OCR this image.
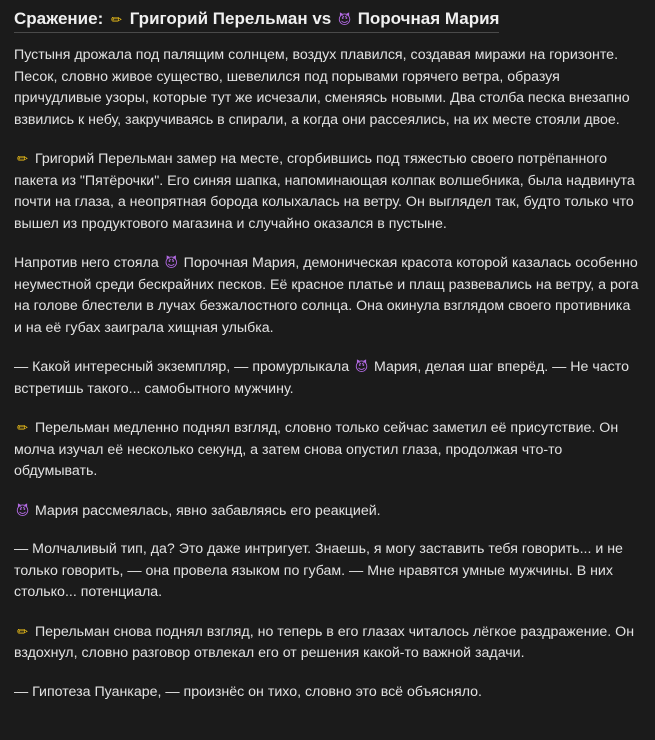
Сражение: ✏ Григорий Перельман vs 😈 Порочная Мария

Пустыня дрожала под палящим солнцем, воздух плавился, создавая миражи на горизонте. Песок, словно живое существо, шевелился под порывами горячего ветра, образуя причудливые узоры, которые тут же исчезали, сменяясь новыми. Два столба песка внезапно взвились к небу, закручиваясь в спирали, а когда они рассеялись, на их месте стояли двое.

✏ Григорий Перельман замер на месте, сгорбившись под тяжестью своего потрёпанного пакета из "Пятёрочки". Его синяя шапка, напоминающая колпак волшебника, была надвинута почти на глаза, а неопрятная борода колыхалась на ветру. Он выглядел так, будто только что вышел из продуктового магазина и случайно оказался в пустыне.

Напротив него стояла 😈 Порочная Мария, демоническая красота которой казалась особенно неуместной среди бескрайних песков. Её красное платье и плащ развевались на ветру, а рога на голове блестели в лучах безжалостного солнца. Она окинула взглядом своего противника и на её губах заиграла хищная улыбка.

— Какой интересный экземпляр, — промурлыкала 😈 Мария, делая шаг вперёд. — Не часто встретишь такого... самобытного мужчину.

✏ Перельман медленно поднял взгляд, словно только сейчас заметил её присутствие. Он молча изучал её несколько секунд, а затем снова опустил глаза, продолжая что-то обдумывать.

😈 Мария рассмеялась, явно забавляясь его реакцией.

— Молчаливый тип, да? Это даже интригует. Знаешь, я могу заставить тебя говорить... и не только говорить, — она провела языком по губам. — Мне нравятся умные мужчины. В них столько... потенциала.

✏ Перельман снова поднял взгляд, но теперь в его глазах читалось лёгкое раздражение. Он вздохнул, словно разговор отвлекал его от решения какой-то важной задачи.

— Гипотеза Пуанкаре, — произнёс он тихо, словно это всё объясняло.
